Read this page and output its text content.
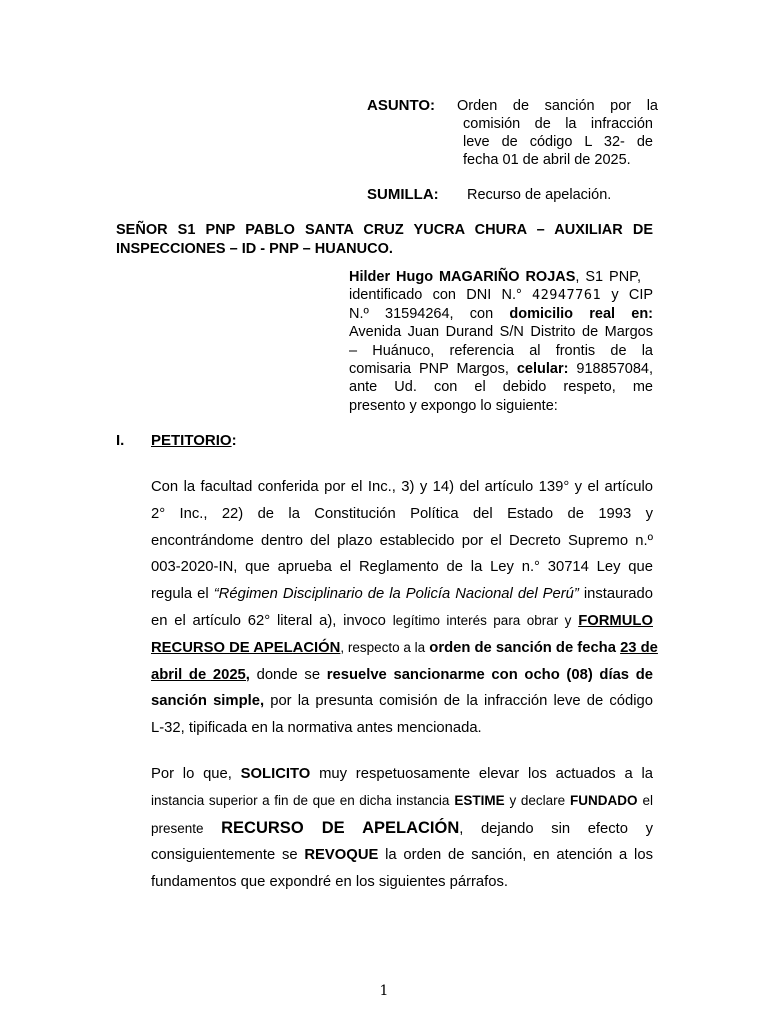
ASUNTO: Orden de sanción por la
comisión de la infracción
leve de código L 32- de
fecha 01 de abril de 2025.
SUMILLA: Recurso de apelación.
SEÑOR S1 PNP PABLO SANTA CRUZ YUCRA CHURA – AUXILIAR DE
INSPECCIONES – ID - PNP – HUANUCO.
Hilder Hugo MAGARIÑO ROJAS, S1 PNP,
identificado con DNI N.° 42947761 y CIP
N.º 31594264, con domicilio real en:
Avenida Juan Durand S/N Distrito de Margos
– Huánuco, referencia al frontis de la
comisaria PNP Margos, celular: 918857084,
ante Ud. con el debido respeto, me
presento y expongo lo siguiente:
I. PETITORIO:
Con la facultad conferida por el Inc., 3) y 14) del artículo 139° y el artículo
2° Inc., 22) de la Constitución Política del Estado de 1993 y
encontrándome dentro del plazo establecido por el Decreto Supremo n.º
003-2020-IN, que aprueba el Reglamento de la Ley n.° 30714 Ley que
regula el “Régimen Disciplinario de la Policía Nacional del Perú” instaurado
en el artículo 62° literal a), invoco legítimo interés para obrar y FORMULO
RECURSO DE APELACIÓN, respecto a la orden de sanción de fecha 23 de
abril de 2025, donde se resuelve sancionarme con ocho (08) días de
sanción simple, por la presunta comisión de la infracción leve de código
L-32, tipificada en la normativa antes mencionada.
Por lo que, SOLICITO muy respetuosamente elevar los actuados a la
instancia superior a fin de que en dicha instancia ESTIME y declare FUNDADO el
presente RECURSO DE APELACIÓN, dejando sin efecto y
consiguientemente se REVOQUE la orden de sanción, en atención a los
fundamentos que expondré en los siguientes párrafos.
1
